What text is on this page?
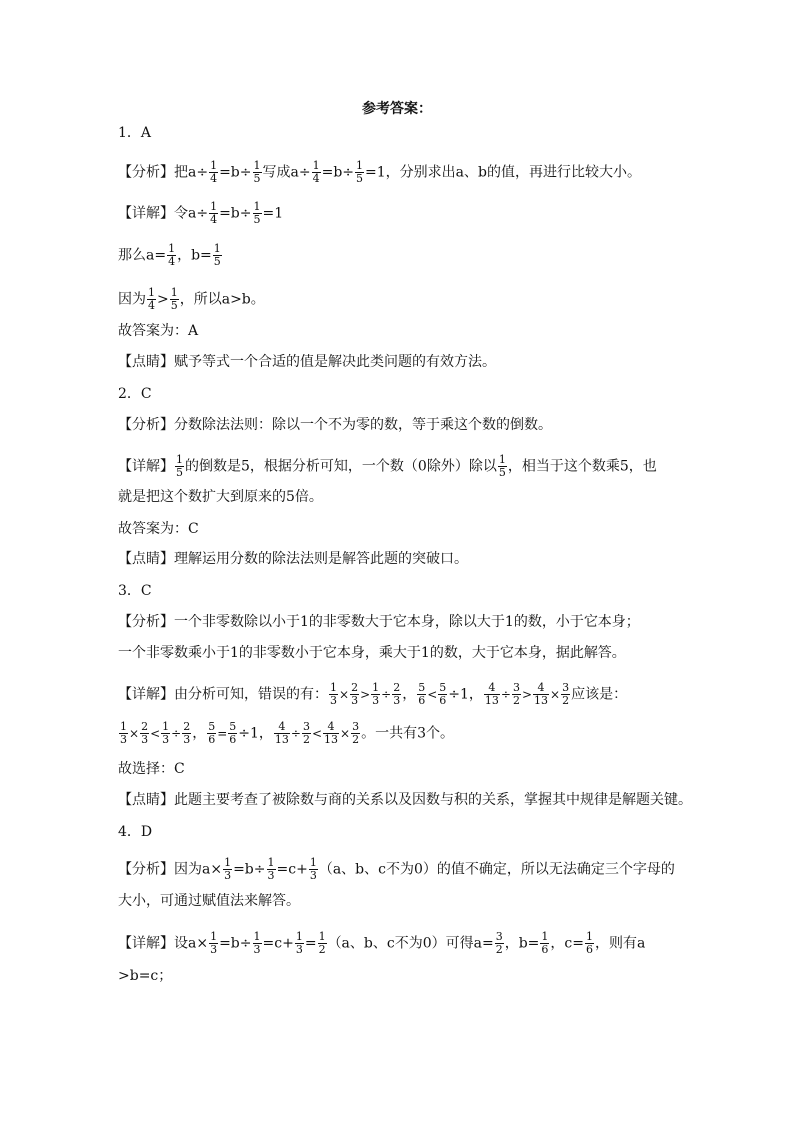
参考答案：
1．A
【分析】把$a\div \frac{1}{4} =b\div \frac{1}{5}$ 写成$a\div \frac{1}{4} =b\div \frac{1}{5} =1$，分别求出a、b的值，再进行比较大小。
【详解】令$a\div \frac{1}{4} =b\div \frac{1}{5} =1$
那么$a= \frac{1}{4}$ ，$b= \frac{1}{5}$
因为 $\frac{1}{4} > \frac{1}{5}$ ，所以a>b。
故答案为：A
【点睛】赋予等式一个合适的值是解决此类问题的有效方法。
2．C
【分析】分数除法法则：除以一个不为零的数，等于乘这个数的倒数。
【详解】 $\frac{1}{5}$ 的倒数是5，根据分析可知，一个数（0除外）除以 $\frac{1}{5}$ ，相当于这个数乘5，也
就是把这个数扩大到原来的5倍。
故答案为：C
【点睛】理解运用分数的除法法则是解答此题的突破口。
3．C
【分析】一个非零数除以小于1的非零数大于它本身，除以大于1的数，小于它本身；
一个非零数乘小于1的非零数小于它本身，乘大于1的数，大于它本身，据此解答。
【详解】由分析可知，错误的有： $\frac{1}{3} \times \frac{2}{3} > \frac{1}{3} \div \frac{2}{3}$ ， $\frac{5}{6} < \frac{5}{6} \div 1$， $\frac{4}{13} \div \frac{3}{2} > \frac{4}{13} \times \frac{3}{2}$ 应该是：
$\frac{1}{3} \times \frac{2}{3} < \frac{1}{3} \div \frac{2}{3}$ ， $\frac{5}{6} = \frac{5}{6} \div 1$， $\frac{4}{13} \div \frac{3}{2} < \frac{4}{13} \times \frac{3}{2}$ 。一共有3个。
故选择：C
【点睛】此题主要考查了被除数与商的关系以及因数与积的关系，掌握其中规律是解题关键。
4．D
【分析】因为$a\times \frac{1}{3} =b\div \frac{1}{3} =c+ \frac{1}{3} (a$、b、c不为0）的值不确定，所以无法确定三个字母的
大小，可通过赋值法来解答。
【详解】设$a\times \frac{1}{3} =b\div \frac{1}{3} =c+ \frac{1}{3} = \frac{1}{2} (a$、b、c不为0）可得$a= \frac{3}{2}$ ，$b= \frac{1}{6}$ ，$c= \frac{1}{6}$ ，则有a
>b=c；
